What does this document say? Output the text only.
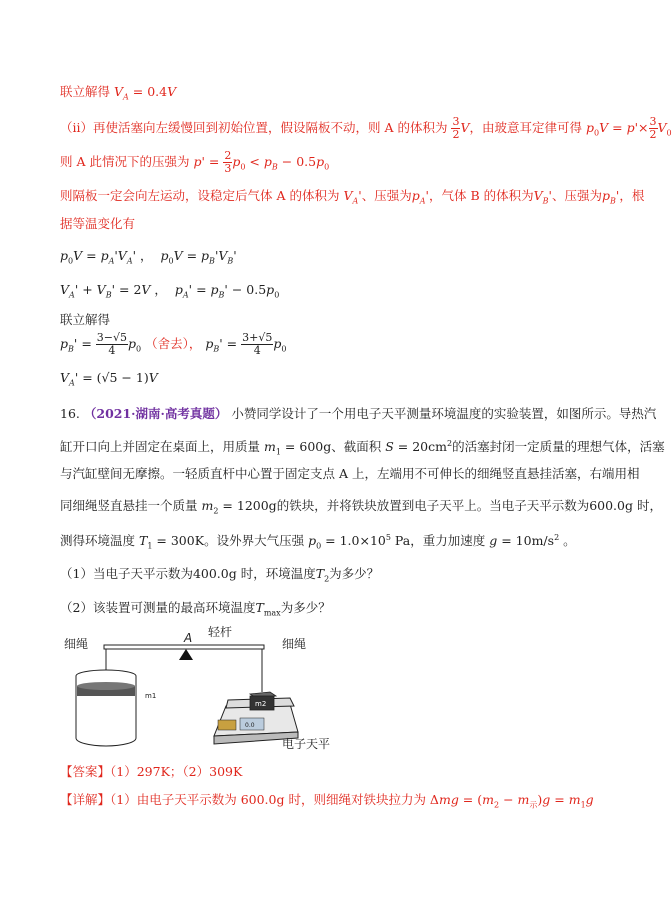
联立解得 $V_A = 0.4V$
（ⅱ）再使活塞向左缓慢回到初始位置，假设隔板不动，则 A 的体积为 $\frac{3}{2}$ V，由玻意耳定律可得 $p_0V = p'\times \frac{3}{2} V_0$
则 A 此情况下的压强为 $p' = \frac{2}{3} p_0 < p_B - 0.5p_0$
则隔板一定会向左运动，设稳定后气体 A 的体积为 $V_A'$、压强为$p_A'$，气体 B 的体积为$V_B'$、压强为$p_B'$，根
据等温变化有
$p_0V = p_A'V_A'$ ，  $p_0V = p_B'V_B'$
$V_A' + V_B' = 2V$ ，  $p_A' = p_B' - 0.5p_0$
联立解得
$p_B' = \frac{3-√5}{4} p_0$ （舍去）， $p_B' = \frac{3+√5}{4} p_0$
$V_A' = (√5 - 1)V$
16. （2021·湖南·高考真题） 小赞同学设计了一个用电子天平测量环境温度的实验装置，如图所示。导热汽
缸开口向上并固定在桌面上，用质量 $m_1 = 600g$、截面积 $S = 20cm^2$的活塞封闭一定质量的理想气体，活塞
与汽缸壁间无摩擦。一轻质直杆中心置于固定支点 A 上，左端用不可伸长的细绳竖直悬挂活塞，右端用相
同细绳竖直悬挂一个质量 $m_2 = 1200g$的铁块，并将铁块放置到电子天平上。当电子天平示数为600.0g 时，
测得环境温度 $T_1 = 300K$。设外界大气压强 $p_0 = 1.0\times 10^5$ Pa，重力加速度 $g = 10m/s^2$ 。
（1）当电子天平示数为400.0g 时，环境温度$T_2$为多少？
（2）该装置可测量的最高环境温度$T_{max}$为多少？
细绳	A 轻杆
细绳
m1
0.0
m2
电子天平
【答案】（1）297K；（2）309K
【详解】（1）由电子天平示数为 600.0g 时，则细绳对铁块拉力为 $\Delta mg = (m_2 - m_示)g = m_1g$
